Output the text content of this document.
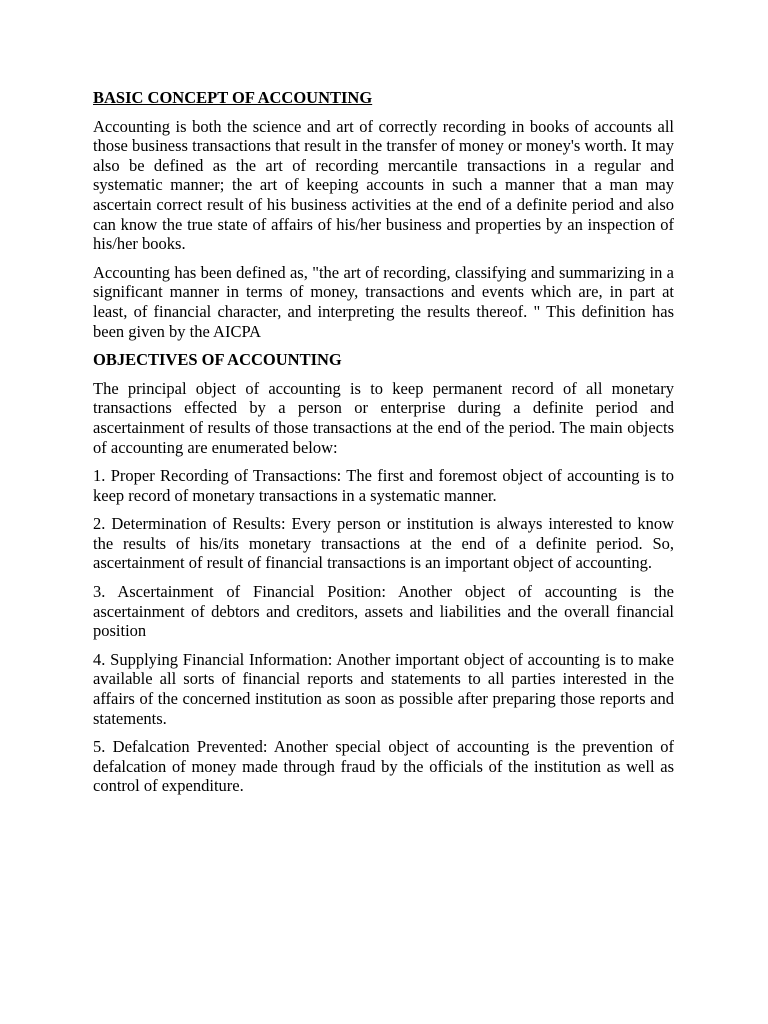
BASIC CONCEPT OF ACCOUNTING

Accounting is both the science and art of correctly recording in books of accounts all those business transactions that result in the transfer of money or money's worth. It may also be defined as the art of recording mercantile transactions in a regular and systematic manner; the art of keeping accounts in such a manner that a man may ascertain correct result of his business activities at the end of a definite period and also can know the true state of affairs of his/her business and properties by an inspection of his/her books.

Accounting has been defined as, "the art of recording, classifying and summarizing in a significant manner in terms of money, transactions and events which are, in part at least, of financial character, and interpreting the results thereof. " This definition has been given by the AICPA

OBJECTIVES OF ACCOUNTING

The principal object of accounting is to keep permanent record of all monetary transactions effected by a person or enterprise during a definite period and ascertainment of results of those transactions at the end of the period. The main objects of accounting are enumerated below:

1. Proper Recording of Transactions: The first and foremost object of accounting is to keep record of monetary transactions in a systematic manner.

2. Determination of Results: Every person or institution is always interested to know the results of his/its monetary transactions at the end of a definite period. So, ascertainment of result of financial transactions is an important object of accounting.

3. Ascertainment of Financial Position: Another object of accounting is the ascertainment of debtors and creditors, assets and liabilities and the overall financial position

4. Supplying Financial Information: Another important object of accounting is to make available all sorts of financial reports and statements to all parties interested in the affairs of the concerned institution as soon as possible after preparing those reports and statements.

5. Defalcation Prevented: Another special object of accounting is the prevention of defalcation of money made through fraud by the officials of the institution as well as control of expenditure.
